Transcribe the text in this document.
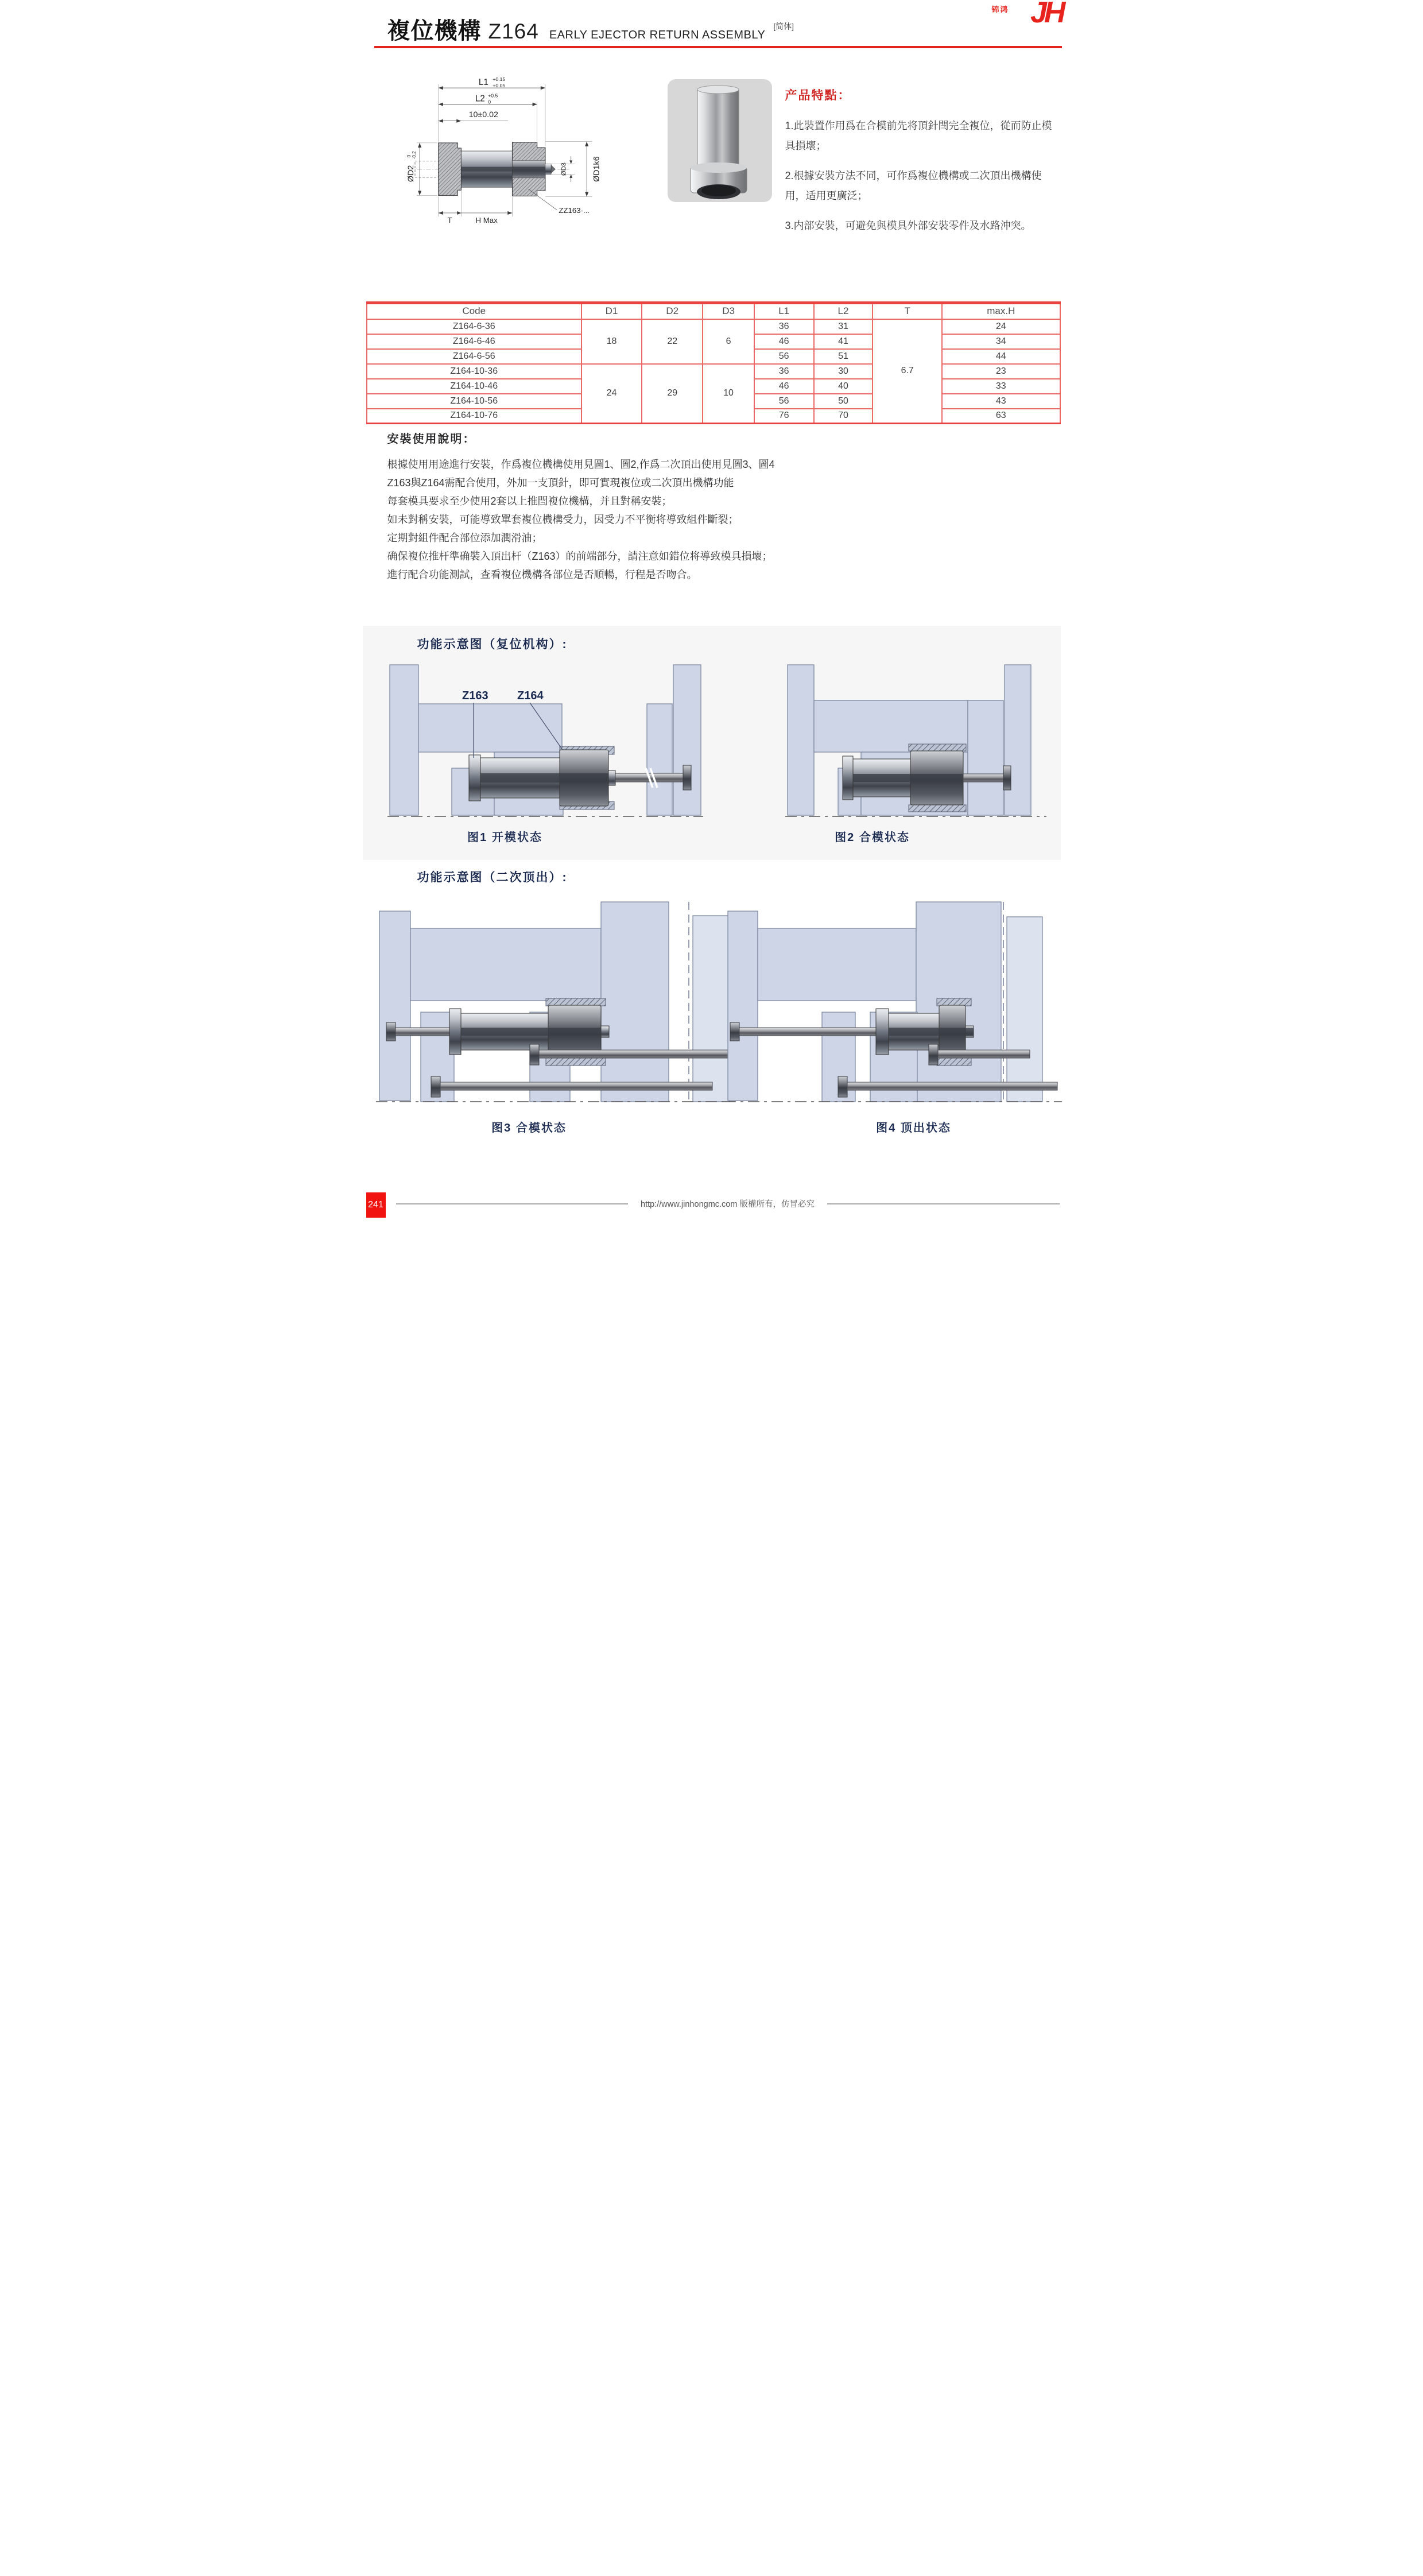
複位機構 Z164 EARLY EJECTOR RETURN ASSEMBLY
[简体]
锦鸿 JH
L1 +0.15
+0.05
L2 +0.5
0
10±0.02
ØD2
0 -0.2
ØD1k6
ØD3
T H Max
ZZ163-...
产品特點：
1.此裝置作用爲在合模前先将頂針閆完全複位，從而防止模具損壞；
2.根據安裝方法不同，可作爲複位機構或二次頂出機構使用，适用更廣泛；
3.内部安裝，可避免與模具外部安裝零件及水路沖突。
Code	D1	D2	D3	L1	L2	T	max.H
Z164-6-36	18	22	6	36	31	6.7	24
Z164-6-46				46	41		34
Z164-6-56				56	51		44
Z164-10-36	24	29	10	36	30		23
Z164-10-46				46	40		33
Z164-10-56				56	50		43
Z164-10-76				76	70		63
安裝使用說明：
根據使用用途進行安裝，作爲複位機構使用見圖1、圖2,作爲二次頂出使用見圖3、圖4
Z163與Z164需配合使用，外加一支頂針，即可實現複位或二次頂出機構功能
每套模具要求至少使用2套以上推閆複位機構，并且對稱安裝；
如未對稱安裝，可能導致單套複位機構受力，因受力不平衡将導致組件斷裂；
定期對組件配合部位添加潤滑油；
确保複位推杆準确裝入頂出杆（Z163）的前端部分，請注意如錯位将導致模具損壞；
進行配合功能測試，查看複位機構各部位是否順暢，行程是否吻合。
功能示意图（复位机构）:
Z163	Z164
图1 开模状态	图2 合模状态
功能示意图（二次顶出）:
图3 合模状态	图4 顶出状态
241	http://www.jinhongmc.com 版權所有，仿冒必究
